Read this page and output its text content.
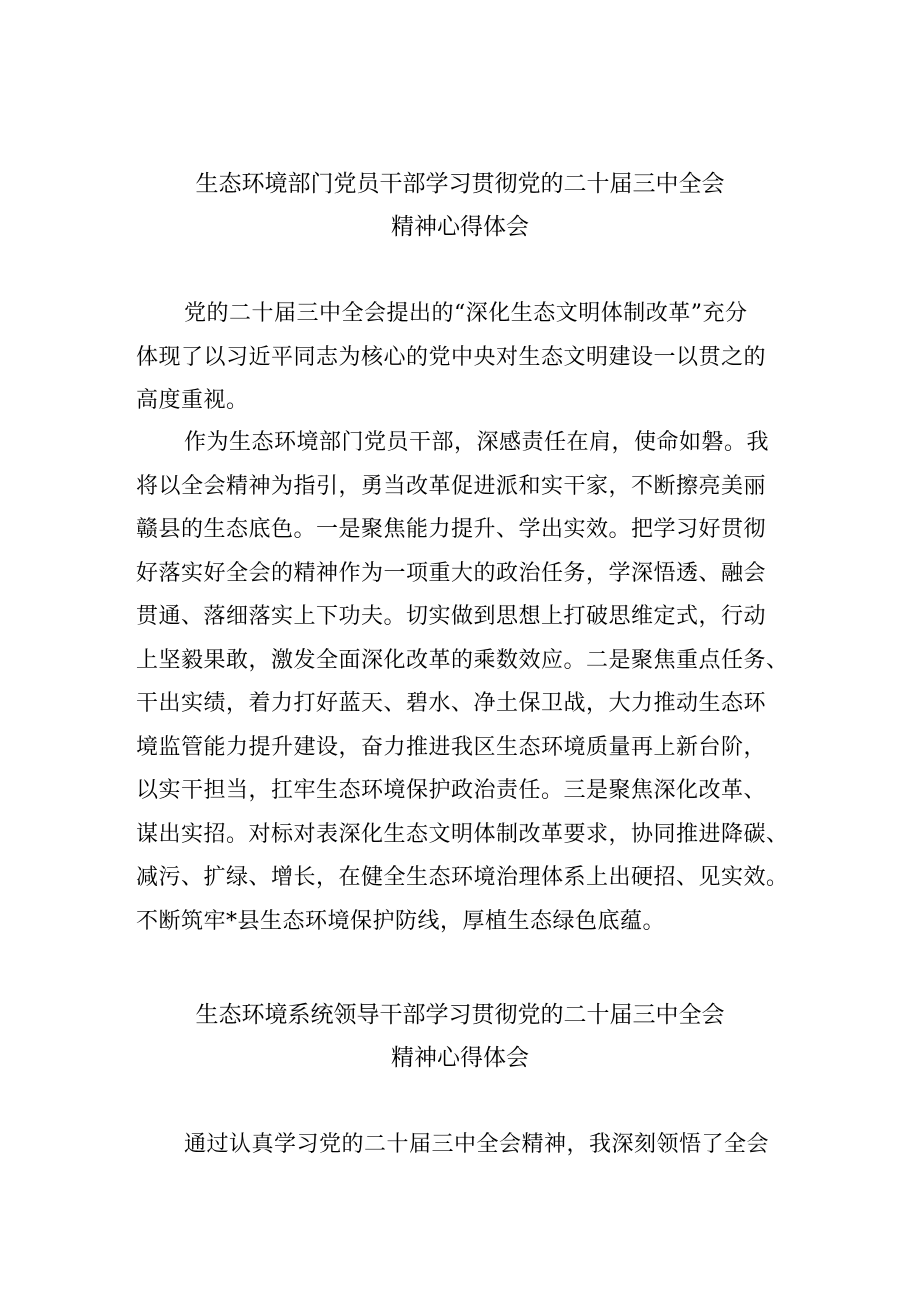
生态环境部门党员干部学习贯彻党的二十届三中全会
精神心得体会
党的二十届三中全会提出的“深化生态文明体制改革”充分
体现了以习近平同志为核心的党中央对生态文明建设一以贯之的
高度重视。
作为生态环境部门党员干部，深感责任在肩，使命如磐。我
将以全会精神为指引，勇当改革促进派和实干家，不断擦亮美丽
赣县的生态底色。一是聚焦能力提升、学出实效。把学习好贯彻
好落实好全会的精神作为一项重大的政治任务，学深悟透、融会
贯通、落细落实上下功夫。切实做到思想上打破思维定式，行动
上坚毅果敢，激发全面深化改革的乘数效应。二是聚焦重点任务、
干出实绩，着力打好蓝天、碧水、净土保卫战，大力推动生态环
境监管能力提升建设，奋力推进我区生态环境质量再上新台阶，
以实干担当，扛牢生态环境保护政治责任。三是聚焦深化改革、
谋出实招。对标对表深化生态文明体制改革要求，协同推进降碳、
减污、扩绿、增长，在健全生态环境治理体系上出硬招、见实效。
不断筑牢*县生态环境保护防线，厚植生态绿色底蕴。
生态环境系统领导干部学习贯彻党的二十届三中全会
精神心得体会
通过认真学习党的二十届三中全会精神，我深刻领悟了全会
